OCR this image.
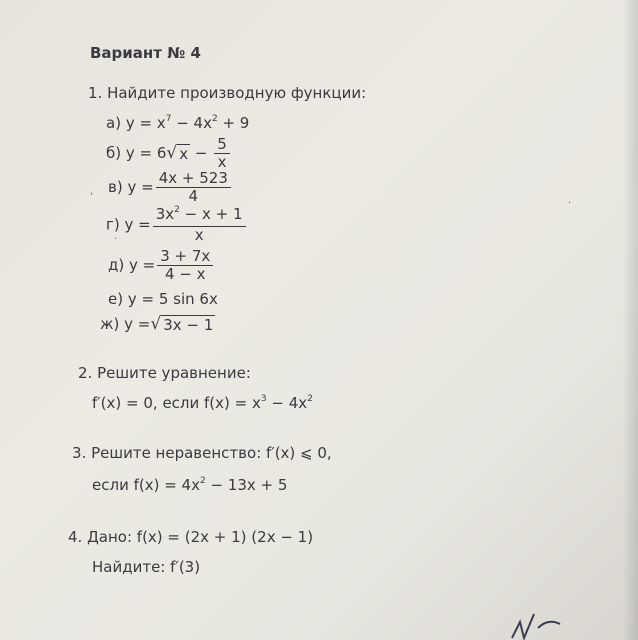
Вариант № 4
1. Найдите производную функции:
а) $y = x^7 - 4x^2 + 9$
б) y = 6 √ $x - \frac{5}{x}$
в) $y = \frac{4x + 523}{4}$
г) $y = \frac{3x^2 - x + 1}{x}$
д) $y = \frac{3 + 7x}{4 - x}$
е) y = 5 sin 6x
ж) y = √ 3x − 1
2. Решите уравнение:
f′(x) = 0, если $f(x) = x^3 - 4x^2$
3. Решите неравенство: f′(x) ⩽ 0,
если $f(x) = 4x^2 - 13x + 5$
4. Дано: f(x) = (2x + 1) (2x − 1)
Найдите: f′(3)
,
·
·
